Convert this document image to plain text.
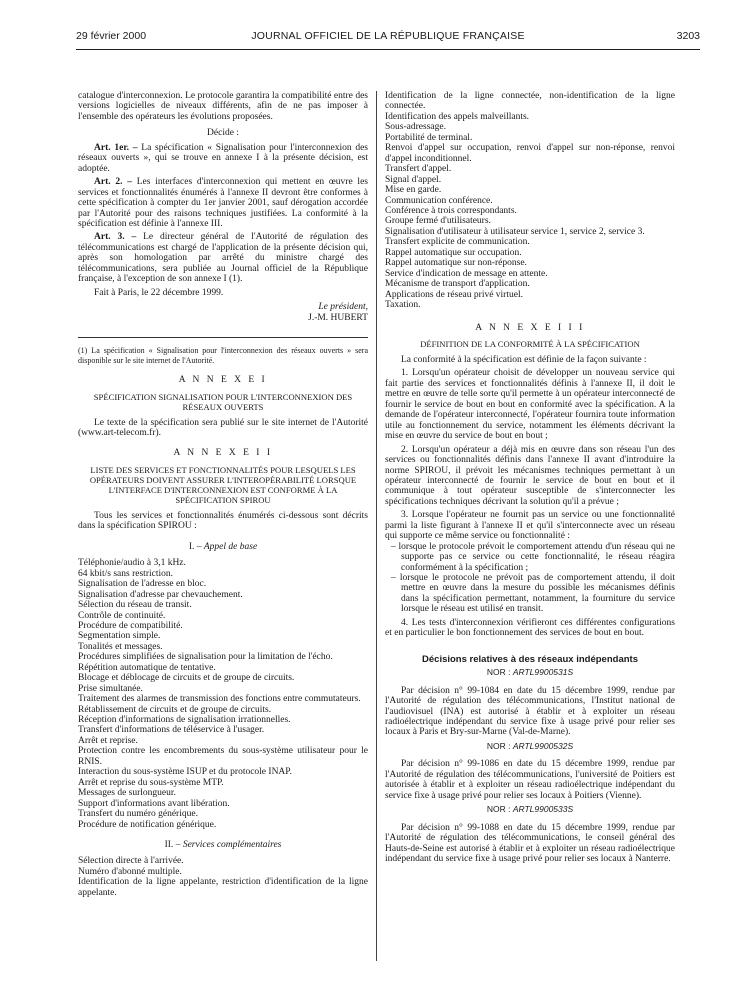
29 février 2000	JOURNAL OFFICIEL DE LA RÉPUBLIQUE FRANÇAISE	3203

catalogue d'interconnexion. Le protocole garantira la compatibilité entre des versions logicielles de niveaux différents, afin de ne pas imposer à l'ensemble des opérateurs les évolutions proposées.

Décide :

Art. 1er. – La spécification « Signalisation pour l'interconnexion des réseaux ouverts », qui se trouve en annexe I à la présente décision, est adoptée.

Art. 2. – Les interfaces d'interconnexion qui mettent en œuvre les services et fonctionnalités énumérés à l'annexe II devront être conformes à cette spécification à compter du 1er janvier 2001, sauf dérogation accordée par l'Autorité pour des raisons techniques justifiées. La conformité à la spécification est définie à l'annexe III.

Art. 3. – Le directeur général de l'Autorité de régulation des télécommunications est chargé de l'application de la présente décision qui, après son homologation par arrêté du ministre chargé des télécommunications, sera publiée au Journal officiel de la République française, à l'exception de son annexe I (1).

Fait à Paris, le 22 décembre 1999.

Le président,

J.-M. HUBERT

(1) La spécification « Signalisation pour l'interconnexion des réseaux ouverts » sera disponible sur le site internet de l'Autorité.

A N N E X E I
SPÉCIFICATION SIGNALISATION POUR L'INTERCONNEXION DES RÉSEAUX OUVERTS

Le texte de la spécification sera publié sur le site internet de l'Autorité (www.art-telecom.fr).

A N N E X E I I
LISTE DES SERVICES ET FONCTIONNALITÉS POUR LESQUELS LES OPÉRATEURS DOIVENT ASSURER L'INTEROPÉRABILITÉ LORSQUE L'INTERFACE D'INTERCONNEXION EST CONFORME À LA SPÉCIFICATION SPIROU

Tous les services et fonctionnalités énumérés ci-dessous sont décrits dans la spécification SPIROU :

I. – Appel de base

Téléphonie/audio à 3,1 kHz.

64 kbit/s sans restriction.

Signalisation de l'adresse en bloc.

Signalisation d'adresse par chevauchement.

Sélection du réseau de transit.

Contrôle de continuité.

Procédure de compatibilité.

Segmentation simple.

Tonalités et messages.

Procédures simplifiées de signalisation pour la limitation de l'écho.

Répétition automatique de tentative.

Blocage et déblocage de circuits et de groupe de circuits.

Prise simultanée.

Traitement des alarmes de transmission des fonctions entre commutateurs.

Rétablissement de circuits et de groupe de circuits.

Réception d'informations de signalisation irrationnelles.

Transfert d'informations de téléservice à l'usager.

Arrêt et reprise.

Protection contre les encombrements du sous-système utilisateur pour le RNIS.

Interaction du sous-système ISUP et du protocole INAP.

Arrêt et reprise du sous-système MTP.

Messages de surlongueur.

Support d'informations avant libération.

Transfert du numéro générique.

Procédure de notification générique.

II. – Services complémentaires

Sélection directe à l'arrivée.

Numéro d'abonné multiple.

Identification de la ligne appelante, restriction d'identification de la ligne appelante.

Identification de la ligne connectée, non-identification de la ligne connectée.

Identification des appels malveillants.

Sous-adressage.

Portabilité de terminal.

Renvoi d'appel sur occupation, renvoi d'appel sur non-réponse, renvoi d'appel inconditionnel.

Transfert d'appel.

Signal d'appel.

Mise en garde.

Communication conférence.

Conférence à trois correspondants.

Groupe fermé d'utilisateurs.

Signalisation d'utilisateur à utilisateur service 1, service 2, service 3.

Transfert explicite de communication.

Rappel automatique sur occupation.

Rappel automatique sur non-réponse.

Service d'indication de message en attente.

Mécanisme de transport d'application.

Applications de réseau privé virtuel.

Taxation.

A N N E X E I I I
DÉFINITION DE LA CONFORMITÉ À LA SPÉCIFICATION

La conformité à la spécification est définie de la façon suivante :

1. Lorsqu'un opérateur choisit de développer un nouveau service qui fait partie des services et fonctionnalités définis à l'annexe II, il doit le mettre en œuvre de telle sorte qu'il permette à un opérateur interconnecté de fournir le service de bout en bout en conformité avec la spécification. A la demande de l'opérateur interconnecté, l'opérateur fournira toute information utile au fonctionnement du service, notamment les éléments décrivant la mise en œuvre du service de bout en bout ;

2. Lorsqu'un opérateur a déjà mis en œuvre dans son réseau l'un des services ou fonctionnalités définis dans l'annexe II avant d'introduire la norme SPIROU, il prévoit les mécanismes techniques permettant à un opérateur interconnecté de fournir le service de bout en bout et il communique à tout opérateur susceptible de s'interconnecter les spécifications techniques décrivant la solution qu'il a prévue ;

3. Lorsque l'opérateur ne fournit pas un service ou une fonctionnalité parmi la liste figurant à l'annexe II et qu'il s'interconnecte avec un réseau qui supporte ce même service ou fonctionnalité :

– lorsque le protocole prévoit le comportement attendu d'un réseau qui ne supporte pas ce service ou cette fonctionnalité, le réseau réagira conformément à la spécification ;

– lorsque le protocole ne prévoit pas de comportement attendu, il doit mettre en œuvre dans la mesure du possible les mécanismes définis dans la spécification permettant, notamment, la fourniture du service lorsque le réseau est utilisé en transit.

4. Les tests d'interconnexion vérifieront ces différentes configurations et en particulier le bon fonctionnement des services de bout en bout.

Décisions relatives à des réseaux indépendants
NOR : ARTL9900531S

Par décision n° 99-1084 en date du 15 décembre 1999, rendue par l'Autorité de régulation des télécommunications, l'Institut national de l'audiovisuel (INA) est autorisé à établir et à exploiter un réseau radioélectrique indépendant du service fixe à usage privé pour relier ses locaux à Paris et Bry-sur-Marne (Val-de-Marne).

NOR : ARTL9900532S

Par décision n° 99-1086 en date du 15 décembre 1999, rendue par l'Autorité de régulation des télécommunications, l'université de Poitiers est autorisée à établir et à exploiter un réseau radioélectrique indépendant du service fixe à usage privé pour relier ses locaux à Poitiers (Vienne).

NOR : ARTL9900533S

Par décision n° 99-1088 en date du 15 décembre 1999, rendue par l'Autorité de régulation des télécommunications, le conseil général des Hauts-de-Seine est autorisé à établir et à exploiter un réseau radioélectrique indépendant du service fixe à usage privé pour relier ses locaux à Nanterre.
